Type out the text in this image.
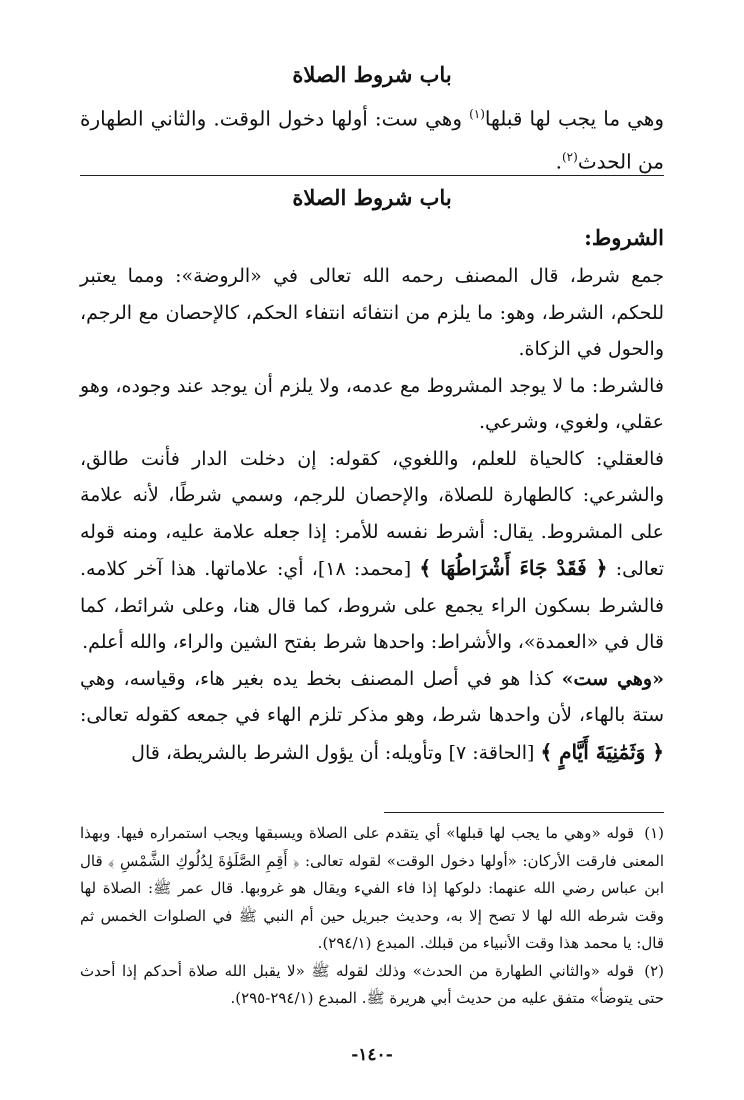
باب شروط الصلاة
وهي ما يجب لها قبلها$^{(١)}$ وهي ست: أولها دخول الوقت. والثاني الطهارة من الحدث$^{(٢)}$.
باب شروط الصلاة
الشروط:

جمع شرط، قال المصنف رحمه الله تعالى في «الروضة»: ومما يعتبر للحكم، الشرط، وهو: ما يلزم من انتفائه انتفاء الحكم، كالإحصان مع الرجم، والحول في الزكاة.

فالشرط: ما لا يوجد المشروط مع عدمه، ولا يلزم أن يوجد عند وجوده، وهو عقلي، ولغوي، وشرعي.

فالعقلي: كالحياة للعلم، واللغوي، كقوله: إن دخلت الدار فأنت طالق، والشرعي: كالطهارة للصلاة، والإحصان للرجم، وسمي شرطًا، لأنه علامة على المشروط. يقال: أشرط نفسه للأمر: إذا جعله علامة عليه، ومنه قوله تعالى: ﴿ فَقَدْ جَاءَ أَشْرَاطُهَا ﴾ [محمد: ١٨]، أي: علاماتها. هذا آخر كلامه. فالشرط بسكون الراء يجمع على شروط، كما قال هنا، وعلى شرائط، كما قال في «العمدة»، والأشراط: واحدها شرط بفتح الشين والراء، والله أعلم.

«وهي ست» كذا هو في أصل المصنف بخط يده بغير هاء، وقياسه، وهي ستة بالهاء، لأن واحدها شرط، وهو مذكر تلزم الهاء في جمعه كقوله تعالى: ﴿ وَثَمَٰنِيَةَ أَيَّامٍ ﴾ [الحاقة: ٧] وتأويله: أن يؤول الشرط بالشريطة، قال

(١)قوله «وهي ما يجب لها قبلها» أي يتقدم على الصلاة ويسبقها ويجب استمراره فيها. وبهذا المعنى فارقت الأركان: «أولها دخول الوقت» لقوله تعالى: ﴿ أَقِمِ الصَّلَوٰةَ لِدُلُوكِ الشَّمْسِ ﴾ قال ابن عباس رضي الله عنهما: دلوكها إذا فاء الفيء ويقال هو غروبها. قال عمر ﷺ: الصلاة لها وقت شرطه الله لها لا تصح إلا به، وحديث جبريل حين أم النبي ﷺ في الصلوات الخمس ثم قال: يا محمد هذا وقت الأنبياء من قبلك. المبدع (٢٩٤/١).

(٢)قوله «والثاني الطهارة من الحدث» وذلك لقوله ﷺ «لا يقبل الله صلاة أحدكم إذا أحدث حتى يتوضأ» متفق عليه من حديث أبي هريرة ﷺ. المبدع (٢٩٤/١-٢٩٥).

-١٤٠-
